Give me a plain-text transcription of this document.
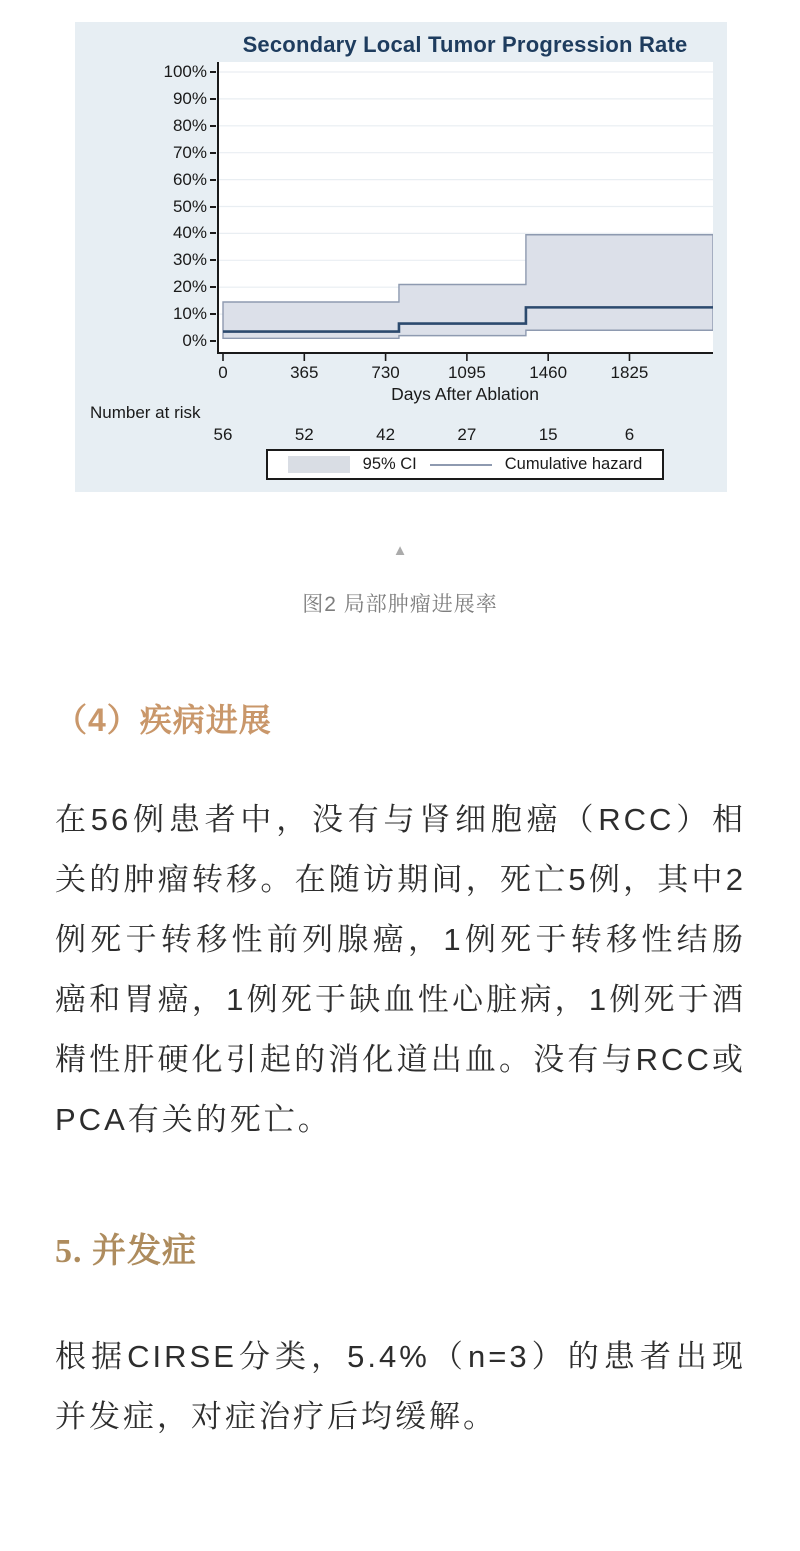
Secondary Local Tumor Progression Rate
Days After Ablation
Number at risk
95% CI	Cumulative hazard
0%
10%
20%
30%
40%
50%
60%
70%
80%
90%
100%
0
56
365
52
730
42
1095
27
1460
15
1825
6
▲
图2 局部肿瘤进展率
（4）疾病进展

在56例患者中，没有与肾细胞癌（RCC）相关的肿瘤转移。在随访期间，死亡5例，其中2例死于转移性前列腺癌，1例死于转移性结肠癌和胃癌，1例死于缺血性心脏病，1例死于酒精性肝硬化引起的消化道出血。没有与RCC或PCA有关的死亡。

5. 并发症

根据CIRSE分类，5.4%（n=3）的患者出现并发症，对症治疗后均缓解。
